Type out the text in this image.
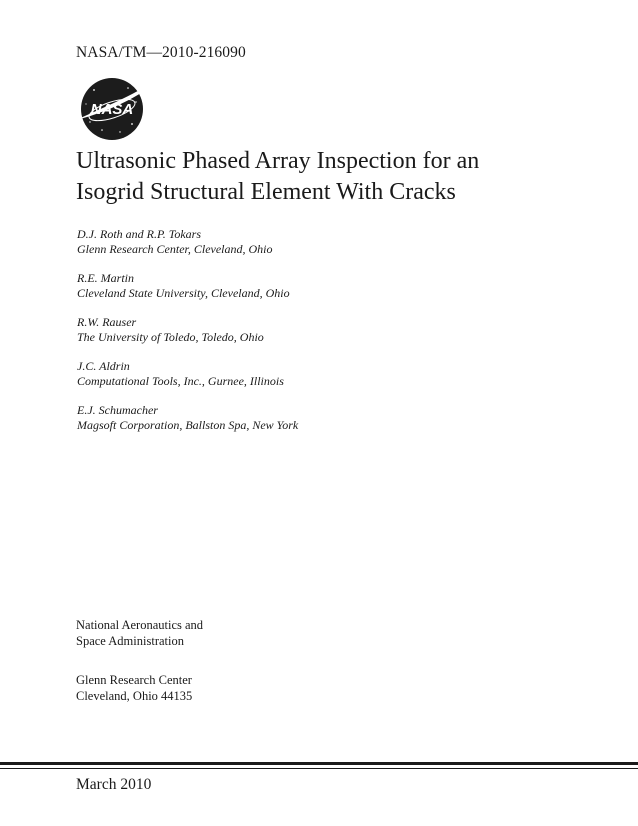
NASA/TM—2010-216090
NASA
Ultrasonic Phased Array Inspection for an
Isogrid Structural Element With Cracks
D.J. Roth and R.P. Tokars
Glenn Research Center, Cleveland, Ohio
R.E. Martin
Cleveland State University, Cleveland, Ohio
R.W. Rauser
The University of Toledo, Toledo, Ohio
J.C. Aldrin
Computational Tools, Inc., Gurnee, Illinois
E.J. Schumacher
Magsoft Corporation, Ballston Spa, New York
National Aeronautics and
Space Administration
Glenn Research Center
Cleveland, Ohio 44135
March 2010
